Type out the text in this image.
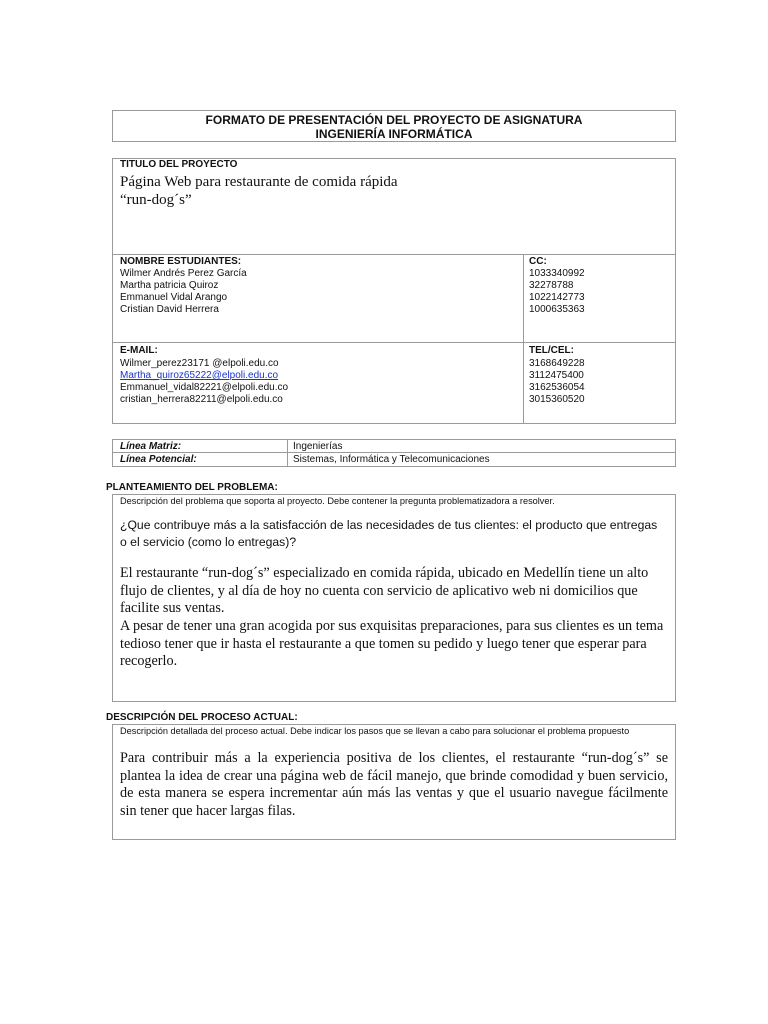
FORMATO DE PRESENTACIÓN DEL PROYECTO DE ASIGNATURA
INGENIERÍA INFORMÁTICA
TITULO DEL PROYECTO
Página Web para restaurante de comida rápida
“run-dog´s”
NOMBRE ESTUDIANTES:
Wilmer Andrés Perez García
Martha patricia Quiroz
Emmanuel Vidal Arango
Cristian David Herrera
CC:
1033340992
32278788
1022142773
1000635363
E-MAIL:
Wilmer_perez23171 @elpoli.edu.co
Martha_quiroz65222@elpoli.edu.co
Emmanuel_vidal82221@elpoli.edu.co
cristian_herrera82211@elpoli.edu.co
TEL/CEL:
3168649228
3112475400
3162536054
3015360520
Línea Matriz:	Ingenierías
Línea Potencial:	Sistemas, Informática y Telecomunicaciones
PLANTEAMIENTO DEL PROBLEMA:
Descripción del problema que soporta al proyecto. Debe contener la pregunta problematizadora a resolver.
¿Que contribuye más a la satisfacción de las necesidades de tus clientes: el producto que entregas o el servicio (como lo entregas)?
El restaurante “run-dog´s” especializado en comida rápida, ubicado en Medellín tiene un alto flujo de clientes, y al día de hoy no cuenta con servicio de aplicativo web ni domicilios que facilite sus ventas.
A pesar de tener una gran acogida por sus exquisitas preparaciones, para sus clientes es un tema tedioso tener que ir hasta el restaurante a que tomen su pedido y luego tener que esperar para recogerlo.
DESCRIPCIÓN DEL PROCESO ACTUAL:
Descripción detallada del proceso actual. Debe indicar los pasos que se llevan a cabo para solucionar el problema propuesto
Para contribuir más a la experiencia positiva de los clientes, el restaurante “run-dog´s” se plantea la idea de crear una página web de fácil manejo, que brinde comodidad y buen servicio, de esta manera se espera incrementar aún más las ventas y que el usuario navegue fácilmente sin tener que hacer largas filas.
